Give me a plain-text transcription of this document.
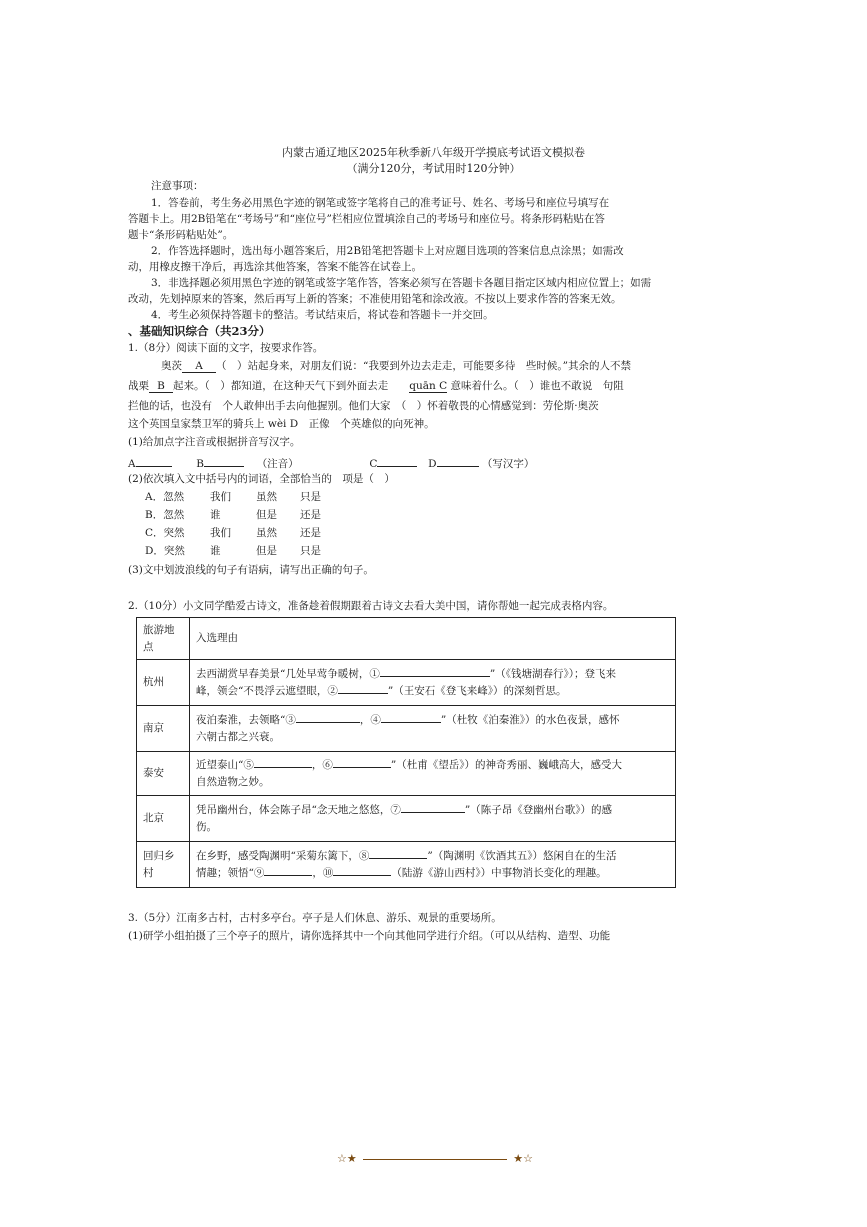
内蒙古通辽地区2025年秋季新八年级开学摸底考试语文模拟卷
（满分120分，考试用时120分钟）
注意事项：
1．答卷前，考生务必用黑色字迹的钢笔或签字笔将自己的准考证号、姓名、考场号和座位号填写在
答题卡上。用2B铅笔在“考场号”和“座位号”栏相应位置填涂自己的考场号和座位号。将条形码粘贴在答
题卡“条形码粘贴处”。
2．作答选择题时，选出每小题答案后，用2B铅笔把答题卡上对应题目选项的答案信息点涂黑；如需改
动，用橡皮擦干净后，再选涂其他答案，答案不能答在试卷上。
3．非选择题必须用黑色字迹的钢笔或签字笔作答，答案必须写在答题卡各题目指定区域内相应位置上；如需
改动，先划掉原来的答案，然后再写上新的答案；不准使用铅笔和涂改液。不按以上要求作答的答案无效。
4．考生必须保持答题卡的整洁。考试结束后，将试卷和答题卡一并交回。
、基础知识综合（共23分）
1.（8分）阅读下面的文字，按要求作答。
奥茨 A （　）站起身来，对朋友们说：“我要到外边去走走，可能要多待　些时候。”其余的人不禁
战栗 B 起来。（　）都知道，在这种天气下到外面去走　　quān C 意味着什么。（　）谁也不敢说　句阻
拦他的话，也没有　个人敢伸出手去向他握别。他们大家　（　）怀着敬畏的心情感觉到：劳伦斯·奥茨
这个英国皇家禁卫军的骑兵上 wèi D　正像　个英雄似的向死神。
(1)给加点字注音或根据拼音写汉字。
A	B	（注音）	C	D	（写汉字）
(2)依次填入文中括号内的词语，全部恰当的　项是（　）
A．忽然 我们 虽然 只是
B．忽然 谁	但是 还是
C．突然 我们 虽然 还是
D．突然 谁	但是 只是
(3)文中划波浪线的句子有语病，请写出正确的句子。
2.（10分）小文同学酷爱古诗文，准备趁着假期跟着古诗文去看大美中国，请你帮她一起完成表格内容。
旅游地点	入选理由
杭州	去西湖赏早春美景“几处早莺争暖树，① ”（《钱塘湖春行》）；登飞来
峰，领会“不畏浮云遮望眼，② ”（王安石《登飞来峰》）的深刻哲思。
南京	夜泊秦淮，去领略“③ ，④ ”（杜牧《泊秦淮》）的水色夜景，感怀
六朝古都之兴衰。
泰安	近望泰山“⑤ ，⑥ ”（杜甫《望岳》）的神奇秀丽、巍峨高大，感受大
自然造物之妙。
北京	凭吊幽州台，体会陈子昂“念天地之悠悠，⑦ ”（陈子昂《登幽州台歌》）的感
伤。
回归乡村	在乡野，感受陶渊明“采菊东篱下，⑧ ”（陶渊明《饮酒其五》）悠闲自在的生活
情趣；领悟“⑨ ，⑩ （陆游《游山西村》）中事物消长变化的理趣。
3.（5分）江南多古村，古村多亭台。亭子是人们休息、游乐、观景的重要场所。
(1)研学小组拍摄了三个亭子的照片，请你选择其中一个向其他同学进行介绍。（可以从结构、造型、功能
☆★	★☆
